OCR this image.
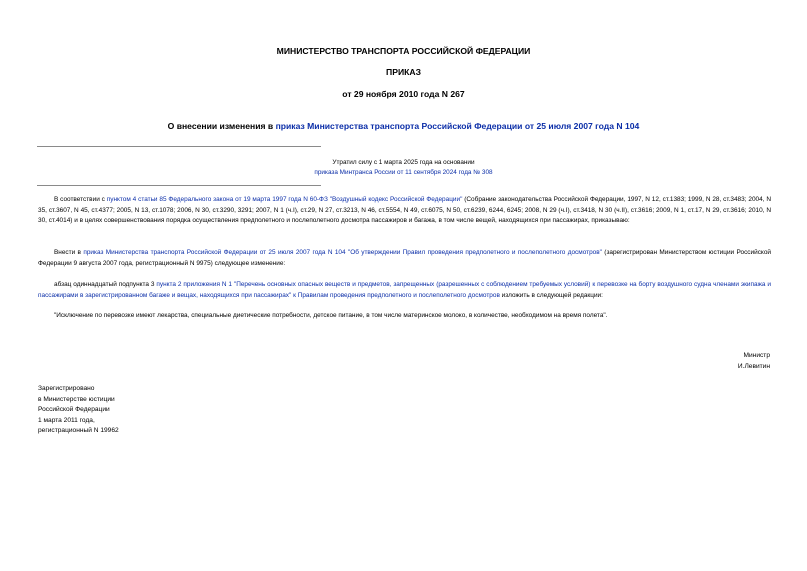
МИНИСТЕРСТВО ТРАНСПОРТА РОССИЙСКОЙ ФЕДЕРАЦИИ
ПРИКАЗ
от 29 ноября 2010 года N 267
О внесении изменения в приказ Министерства транспорта Российской Федерации от 25 июля 2007 года N 104
Утратил силу с 1 марта 2025 года на основании
приказа Минтранса России от 11 сентября 2024 года № 308
В соответствии с пунктом 4 статьи 85 Федерального закона от 19 марта 1997 года N 60-ФЗ "Воздушный кодекс Российской Федерации" (Собрание законодательства Российской Федерации, 1997, N 12, ст.1383; 1999, N 28, ст.3483; 2004, N 35, ст.3607, N 45, ст.4377; 2005, N 13, ст.1078; 2006, N 30, ст.3290, 3291; 2007, N 1 (ч.I), ст.29, N 27, ст.3213, N 46, ст.5554, N 49, ст.6075, N 50, ст.6239, 6244, 6245; 2008, N 29 (ч.I), ст.3418, N 30 (ч.II), ст.3616; 2009, N 1, ст.17, N 29, ст.3616; 2010, N 30, ст.4014) и в целях совершенствования порядка осуществления предполетного и послеполетного досмотра пассажиров и багажа, в том числе вещей, находящихся при пассажирах, приказываю:
Внести в приказ Министерства транспорта Российской Федерации от 25 июля 2007 года N 104 "Об утверждении Правил проведения предполетного и послеполетного досмотров" (зарегистрирован Министерством юстиции Российской Федерации 9 августа 2007 года, регистрационный N 9975) следующее изменение:
абзац одиннадцатый подпункта 3 пункта 2 приложения N 1 "Перечень основных опасных веществ и предметов, запрещенных (разрешенных с соблюдением требуемых условий) к перевозке на борту воздушного судна членами экипажа и пассажирами в зарегистрированном багаже и вещах, находящихся при пассажирах" к Правилам проведения предполетного и послеполетного досмотров изложить в следующей редакции:
"Исключение по перевозке имеют лекарства, специальные диетические потребности, детское питание, в том числе материнское молоко, в количестве, необходимом на время полета".
Министр
И.Левитин
Зарегистрировано
в Министерстве юстиции
Российской Федерации
1 марта 2011 года,
регистрационный N 19962
